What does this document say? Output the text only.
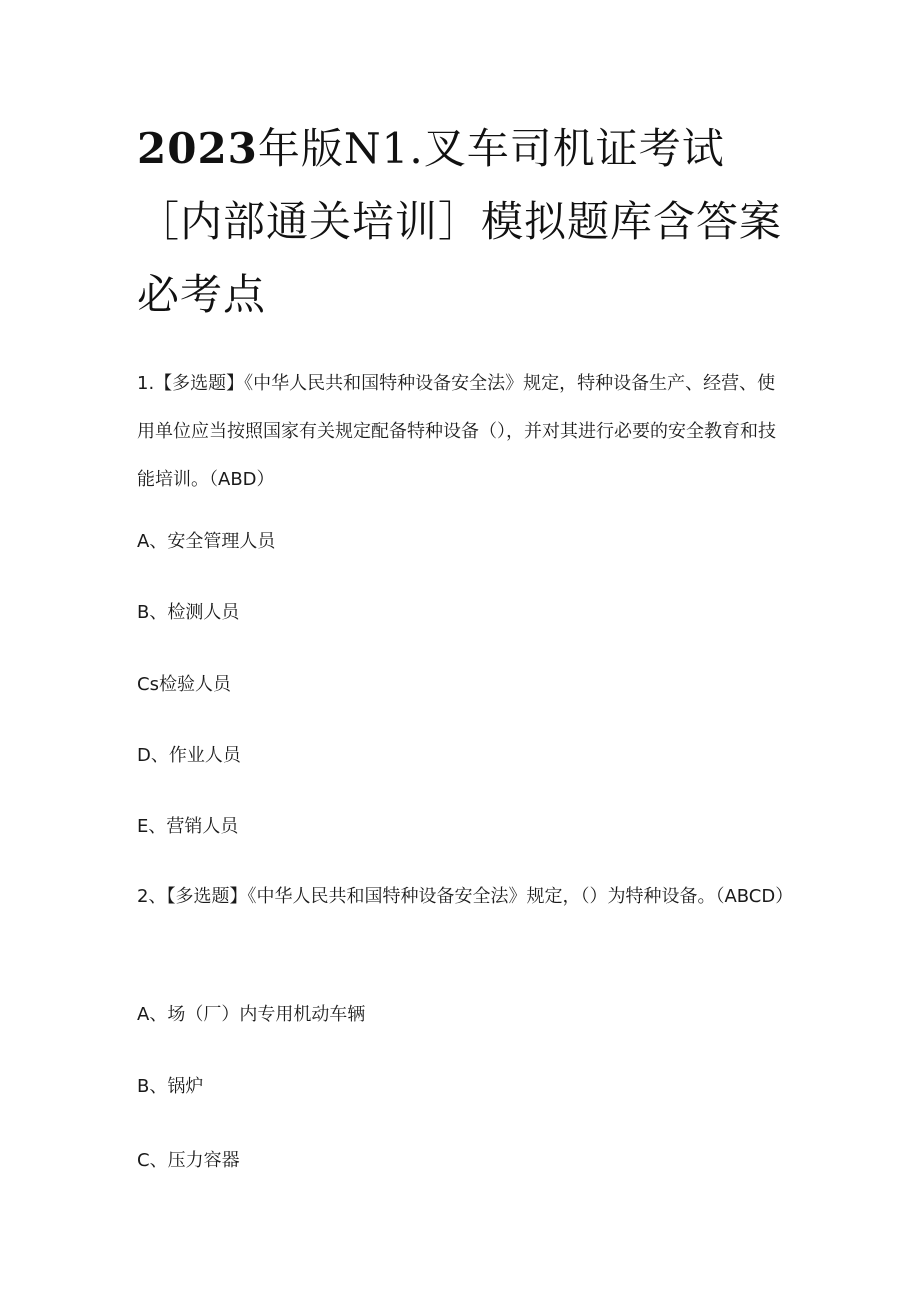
2023年版N1.叉车司机证考试［内部通关培训］模拟题库含答案必考点

1.【多选题】《中华人民共和国特种设备安全法》规定，特种设备生产、经营、使用单位应当按照国家有关规定配备特种设备（），并对其进行必要的安全教育和技能培训。（ABD）

A、安全管理人员

B、检测人员

Cs检验人员

D、作业人员

E、营销人员

2、【多选题】《中华人民共和国特种设备安全法》规定，（）为特种设备。（ABCD）

A、场（厂）内专用机动车辆

B、锅炉

C、压力容器
